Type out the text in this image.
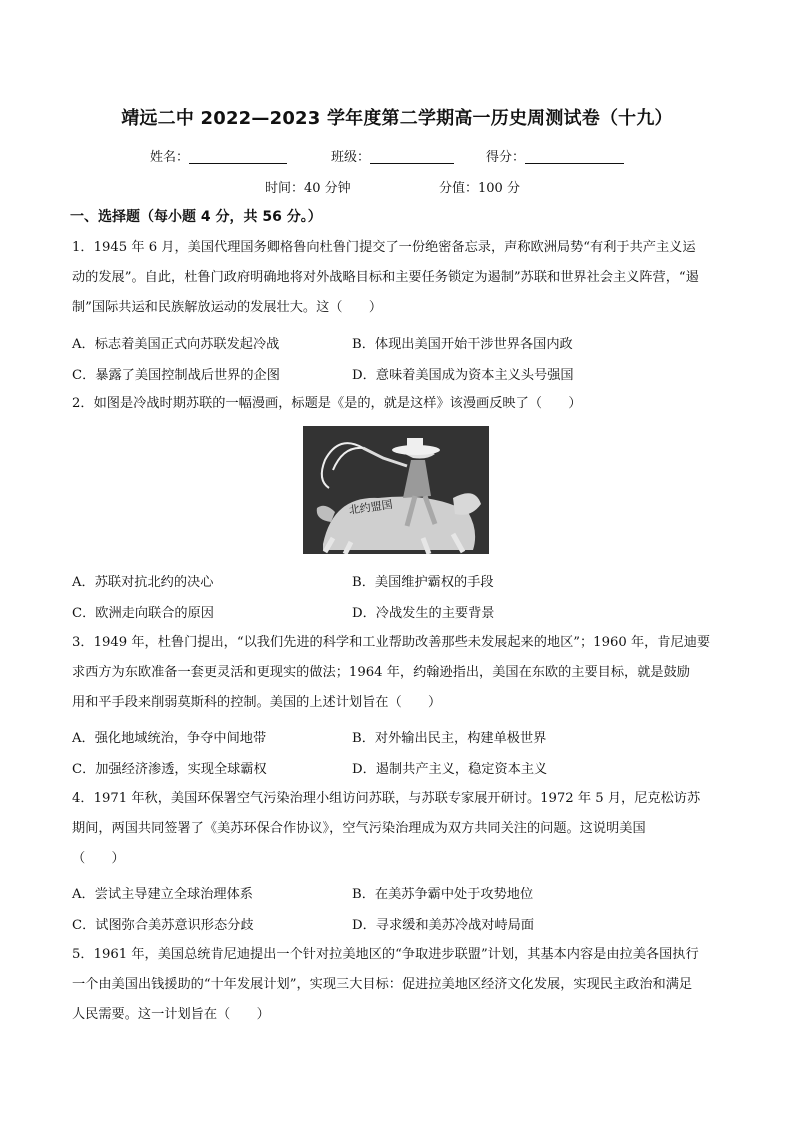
靖远二中 2022—2023 学年度第二学期高一历史周测试卷（十九）
姓名：	班级：	得分：
时间：40 分钟	分值：100 分
一、选择题（每小题 4 分，共 56 分。）
1．1945 年 6 月，美国代理国务卿格鲁向杜鲁门提交了一份绝密备忘录，声称欧洲局势“有利于共产主义运
动的发展”。自此，杜鲁门政府明确地将对外战略目标和主要任务锁定为遏制”苏联和世界社会主义阵营，“遏
制”国际共运和民族解放运动的发展壮大。这（　　）
A．标志着美国正式向苏联发起冷战	B．体现出美国开始干涉世界各国内政
C．暴露了美国控制战后世界的企图	D．意味着美国成为资本主义头号强国
2．如图是冷战时期苏联的一幅漫画，标题是《是的，就是这样》该漫画反映了（　　）
北约盟国
A．苏联对抗北约的决心	B．美国维护霸权的手段
C．欧洲走向联合的原因	D．冷战发生的主要背景
3．1949 年，杜鲁门提出，“以我们先进的科学和工业帮助改善那些未发展起来的地区”；1960 年，肯尼迪要
求西方为东欧准备一套更灵活和更现实的做法；1964 年，约翰逊指出，美国在东欧的主要目标，就是鼓励
用和平手段来削弱莫斯科的控制。美国的上述计划旨在（　　）
A．强化地域统治，争夺中间地带	B．对外输出民主，构建单极世界
C．加强经济渗透，实现全球霸权	D．遏制共产主义，稳定资本主义
4．1971 年秋，美国环保署空气污染治理小组访问苏联，与苏联专家展开研讨。1972 年 5 月，尼克松访苏
期间，两国共同签署了《美苏环保合作协议》，空气污染治理成为双方共同关注的问题。这说明美国
（　　）
A．尝试主导建立全球治理体系	B．在美苏争霸中处于攻势地位
C．试图弥合美苏意识形态分歧	D．寻求缓和美苏冷战对峙局面
5．1961 年，美国总统肯尼迪提出一个针对拉美地区的“争取进步联盟”计划，其基本内容是由拉美各国执行
一个由美国出钱援助的“十年发展计划”，实现三大目标：促进拉美地区经济文化发展，实现民主政治和满足
人民需要。这一计划旨在（　　）
